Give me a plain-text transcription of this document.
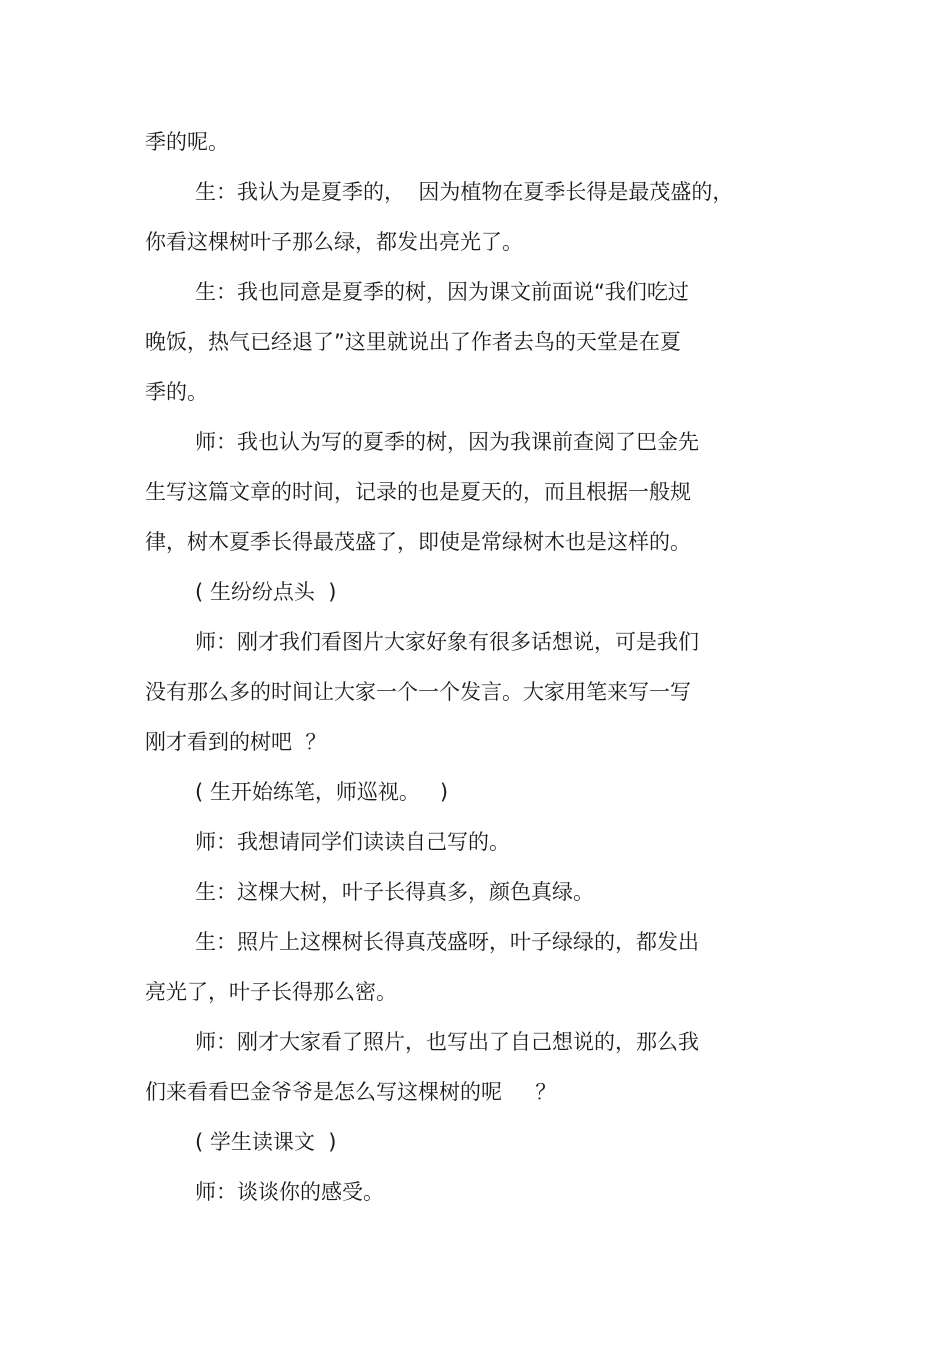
季的呢。
生：我认为是夏季的，  因为植物在夏季长得是最茂盛的，
你看这棵树叶子那么绿，都发出亮光了。
生：我也同意是夏季的树，因为课文前面说“我们吃过
晚饭，热气已经退了”这里就说出了作者去鸟的天堂是在夏
季的。
师：我也认为写的夏季的树，因为我课前查阅了巴金先
生写这篇文章的时间，记录的也是夏天的，而且根据一般规
律，树木夏季长得最茂盛了，即使是常绿树木也是这样的。
( 生纷纷点头  )
师：刚才我们看图片大家好象有很多话想说，可是我们
没有那么多的时间让大家一个一个发言。大家用笔来写一写
刚才看到的树吧  ？
( 生开始练笔，师巡视。   )
师：我想请同学们读读自己写的。
生：这棵大树，叶子长得真多，颜色真绿。
生：照片上这棵树长得真茂盛呀，叶子绿绿的，都发出
亮光了，叶子长得那么密。
师：刚才大家看了照片，也写出了自己想说的，那么我
们来看看巴金爷爷是怎么写这棵树的呢     ？
( 学生读课文  )
师：谈谈你的感受。
